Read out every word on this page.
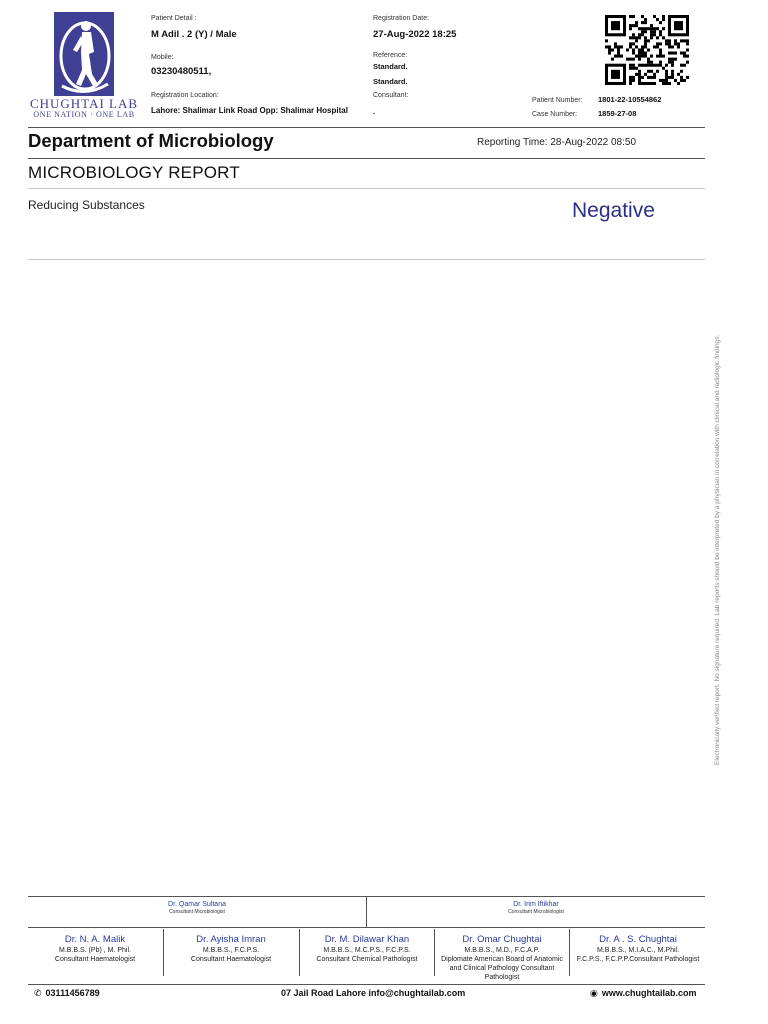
CHUGHTAI LAB
ONE NATION · ONE LAB
Patient Detail :
M Adil . 2 (Y) / Male
Mobile:
03230480511,
Registration Location:
Lahore: Shalimar Link Road Opp: Shalimar Hospital
Registration Date:
27-Aug-2022 18:25
Reference:
Standard.
Standard.
Consultant:
.
Patient Number: 1801-22-10554862
Case Number:	1859-27-08
Department of Microbiology	Reporting Time: 28-Aug-2022 08:50
MICROBIOLOGY REPORT
Reducing Substances	Negative
Electronically verified report. No signature required. Lab reports should be interpreted by a physician in correlation with clinical and radiologic findings.
Dr. Qamar Sultana
Consultant Microbiologist
Dr. Irim Iftikhar
Consultant Microbiologist
Dr. N. A. Malik
M.B.B.S. (Pb) , M. Phil.
Consultant Haematologist
Dr. Ayisha Imran
M.B.B.S., F.C.P.S.
Consultant Haematologist
Dr. M. Dilawar Khan
M.B.B.S., M.C.P.S., F.C.P.S.
Consultant Chemical Pathologist
Dr. Omar Chughtai
M.B.B.S., M.D., F.C.A.P.
Diplomate American Board of Anatomic and Clinical Pathology Consultant Pathologist
Dr. A . S. Chughtai
M.B.B.S., M.I.A.C., M.Phil.
F.C.P.S., F.C.P.P.Consultant Pathologist
✆ 03111456789	07 Jail Road Lahore info@chughtailab.com	◉ www.chughtailab.com
